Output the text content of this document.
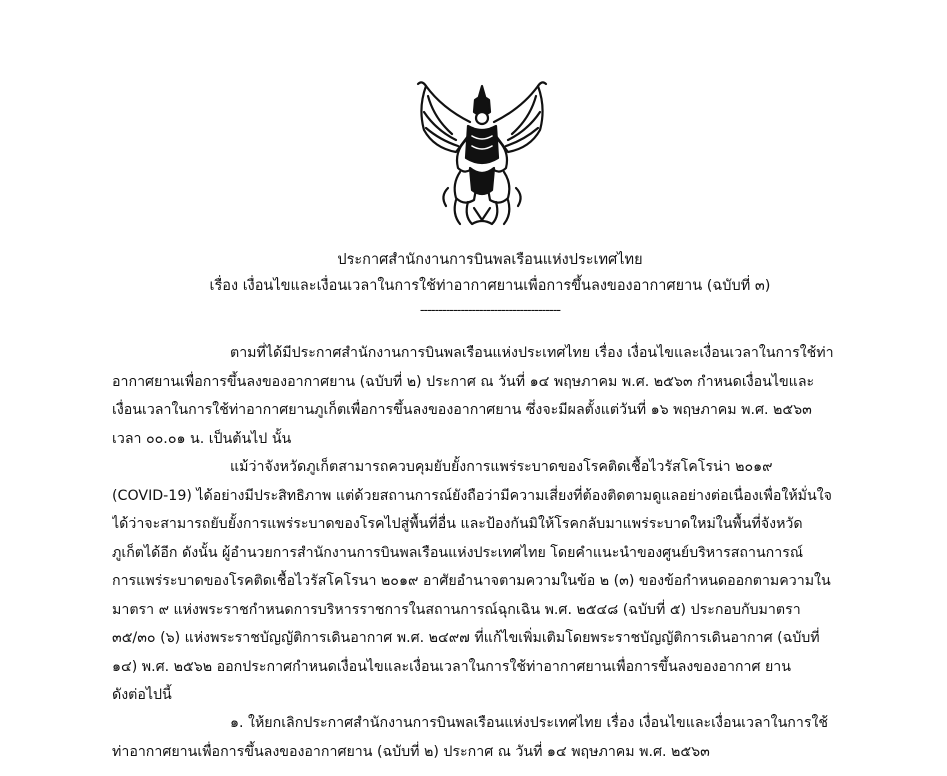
ประกาศสำนักงานการบินพลเรือนแห่งประเทศไทย
เรื่อง เงื่อนไขและเงื่อนเวลาในการใช้ท่าอากาศยานเพื่อการขึ้นลงของอากาศยาน (ฉบับที่ ๓)
--------------------------------------
ตามที่ได้มีประกาศสำนักงานการบินพลเรือนแห่งประเทศไทย เรื่อง เงื่อนไขและเงื่อนเวลาในการใช้ท่า
อากาศยานเพื่อการขึ้นลงของอากาศยาน (ฉบับที่ ๒) ประกาศ ณ วันที่ ๑๔ พฤษภาคม พ.ศ. ๒๕๖๓ กำหนดเงื่อนไขและ
เงื่อนเวลาในการใช้ท่าอากาศยานภูเก็ตเพื่อการขึ้นลงของอากาศยาน ซึ่งจะมีผลตั้งแต่วันที่ ๑๖ พฤษภาคม พ.ศ. ๒๕๖๓
เวลา ๐๐.๐๑ น. เป็นต้นไป นั้น
แม้ว่าจังหวัดภูเก็ตสามารถควบคุมยับยั้งการแพร่ระบาดของโรคติดเชื้อไวรัสโคโรน่า ๒๐๑๙
(COVID-19) ได้อย่างมีประสิทธิภาพ แต่ด้วยสถานการณ์ยังถือว่ามีความเสี่ยงที่ต้องติดตามดูแลอย่างต่อเนื่องเพื่อให้มั่นใจ
ได้ว่าจะสามารถยับยั้งการแพร่ระบาดของโรคไปสู่พื้นที่อื่น และป้องกันมิให้โรคกลับมาแพร่ระบาดใหม่ในพื้นที่จังหวัด
ภูเก็ตได้อีก ดังนั้น ผู้อำนวยการสำนักงานการบินพลเรือนแห่งประเทศไทย โดยคำแนะนำของศูนย์บริหารสถานการณ์
การแพร่ระบาดของโรคติดเชื้อไวรัสโคโรนา ๒๐๑๙ อาศัยอำนาจตามความในข้อ ๒ (๓) ของข้อกำหนดออกตามความใน
มาตรา ๙ แห่งพระราชกำหนดการบริหารราชการในสถานการณ์ฉุกเฉิน พ.ศ. ๒๕๔๘ (ฉบับที่ ๕) ประกอบกับมาตรา
๓๕/๓๐ (๖) แห่งพระราชบัญญัติการเดินอากาศ พ.ศ. ๒๔๙๗ ที่แก้ไขเพิ่มเติมโดยพระราชบัญญัติการเดินอากาศ (ฉบับที่
๑๔) พ.ศ. ๒๕๖๒ ออกประกาศกำหนดเงื่อนไขและเงื่อนเวลาในการใช้ท่าอากาศยานเพื่อการขึ้นลงของอากาศ ยาน
ดังต่อไปนี้
๑. ให้ยกเลิกประกาศสำนักงานการบินพลเรือนแห่งประเทศไทย เรื่อง เงื่อนไขและเงื่อนเวลาในการใช้
ท่าอากาศยานเพื่อการขึ้นลงของอากาศยาน (ฉบับที่ ๒) ประกาศ ณ วันที่ ๑๔ พฤษภาคม พ.ศ. ๒๕๖๓
